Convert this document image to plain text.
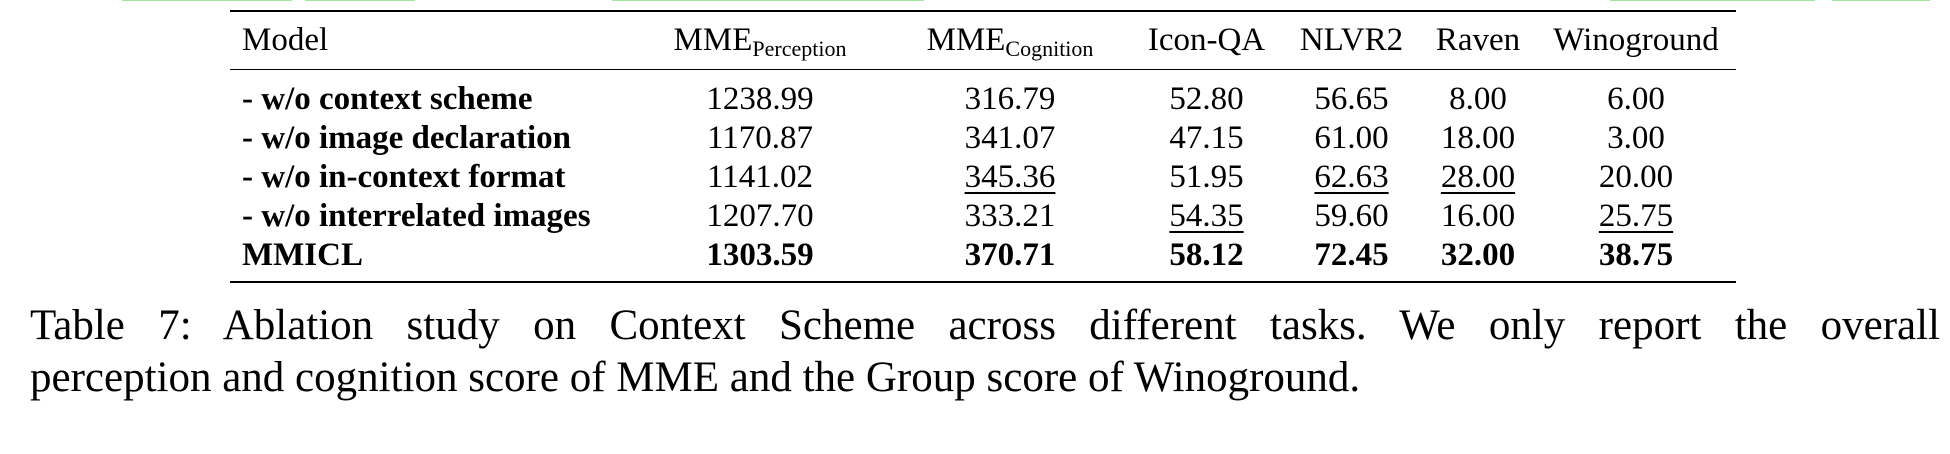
Model	MMEPerception	MMECognition	Icon-QA	NLVR2	Raven	Winoground
- w/o context scheme	1238.99	316.79	52.80	56.65	8.00	6.00
- w/o image declaration	1170.87	341.07	47.15	61.00	18.00	3.00
- w/o in-context format	1141.02	345.36	51.95	62.63	28.00	20.00
- w/o interrelated images	1207.70	333.21	54.35	59.60	16.00	25.75
MMICL	1303.59	370.71	58.12	72.45	32.00	38.75
Table 7: Ablation study on Context Scheme across different tasks. We only report the overall
perception and cognition score of MME and the Group score of Winoground.
